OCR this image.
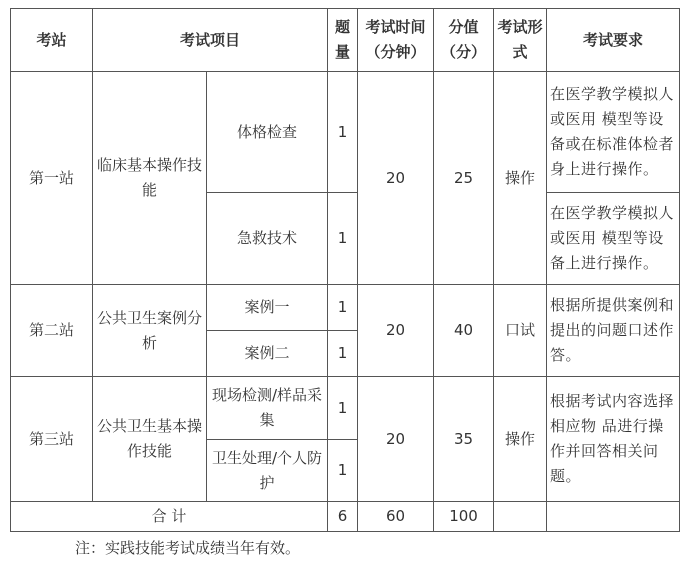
考站	考试项目		题量	考试时间（分钟）	分值（分）	考试形式	考试要求
第一站	临床基本操作技能	体格检查	1	20	25	操作	在医学教学模拟人或医用 模型等设备或在标准体检者身上进行操作。
		急救技术	1				在医学教学模拟人或医用 模型等设备上进行操作。
第二站	公共卫生案例分析	案例一	1	20	40	口试	根据所提供案例和提出的问题口述作答。
		案例二	1				
第三站	公共卫生基本操作技能	现场检测/样品采集	1	20	35	操作	根据考试内容选择相应物 品进行操作并回答相关问题。
		卫生处理/个人防护	1				
合 计			6	60	100		
注：实践技能考试成绩当年有效。
